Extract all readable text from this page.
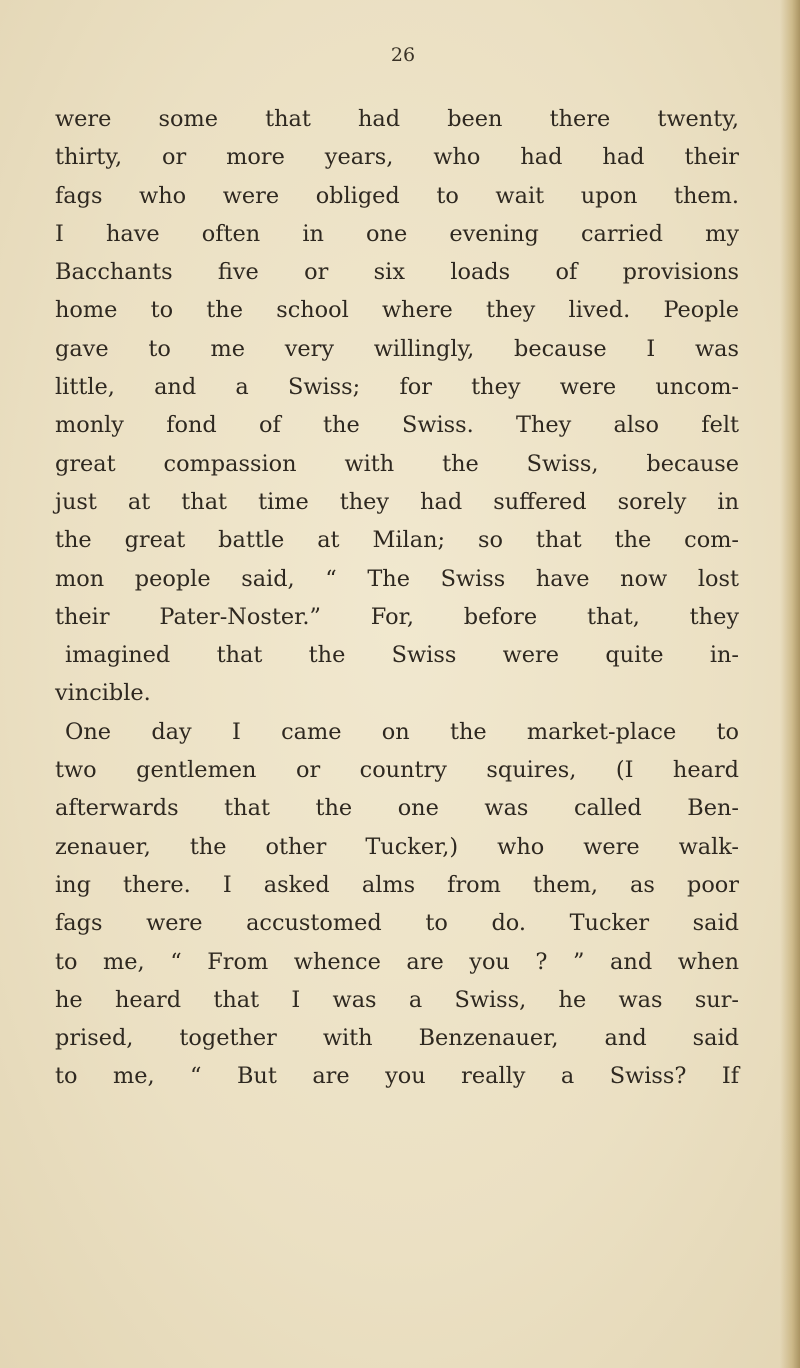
26
were some that had been there twenty,
thirty, or more years, who had had their
fags who were obliged to wait upon them.
I have often in one evening carried my
Bacchants five or six loads of provisions
home to the school where they lived. People
gave to me very willingly, because I was
little, and a Swiss; for they were uncom-
monly fond of the Swiss. They also felt
great compassion with the Swiss, because
just at that time they had suffered sorely in
the great battle at Milan; so that the com-
mon people said, “ The Swiss have now lost
their Pater-Noster.” For, before that, they
imagined that the Swiss were quite in-
vincible.
One day I came on the market-place to
two gentlemen or country squires, (I heard
afterwards that the one was called Ben-
zenauer, the other Tucker,) who were walk-
ing there. I asked alms from them, as poor
fags were accustomed to do. Tucker said
to me, “ From whence are you ? ” and when
he heard that I was a Swiss, he was sur-
prised, together with Benzenauer, and said
to me, “ But are you really a Swiss? If
